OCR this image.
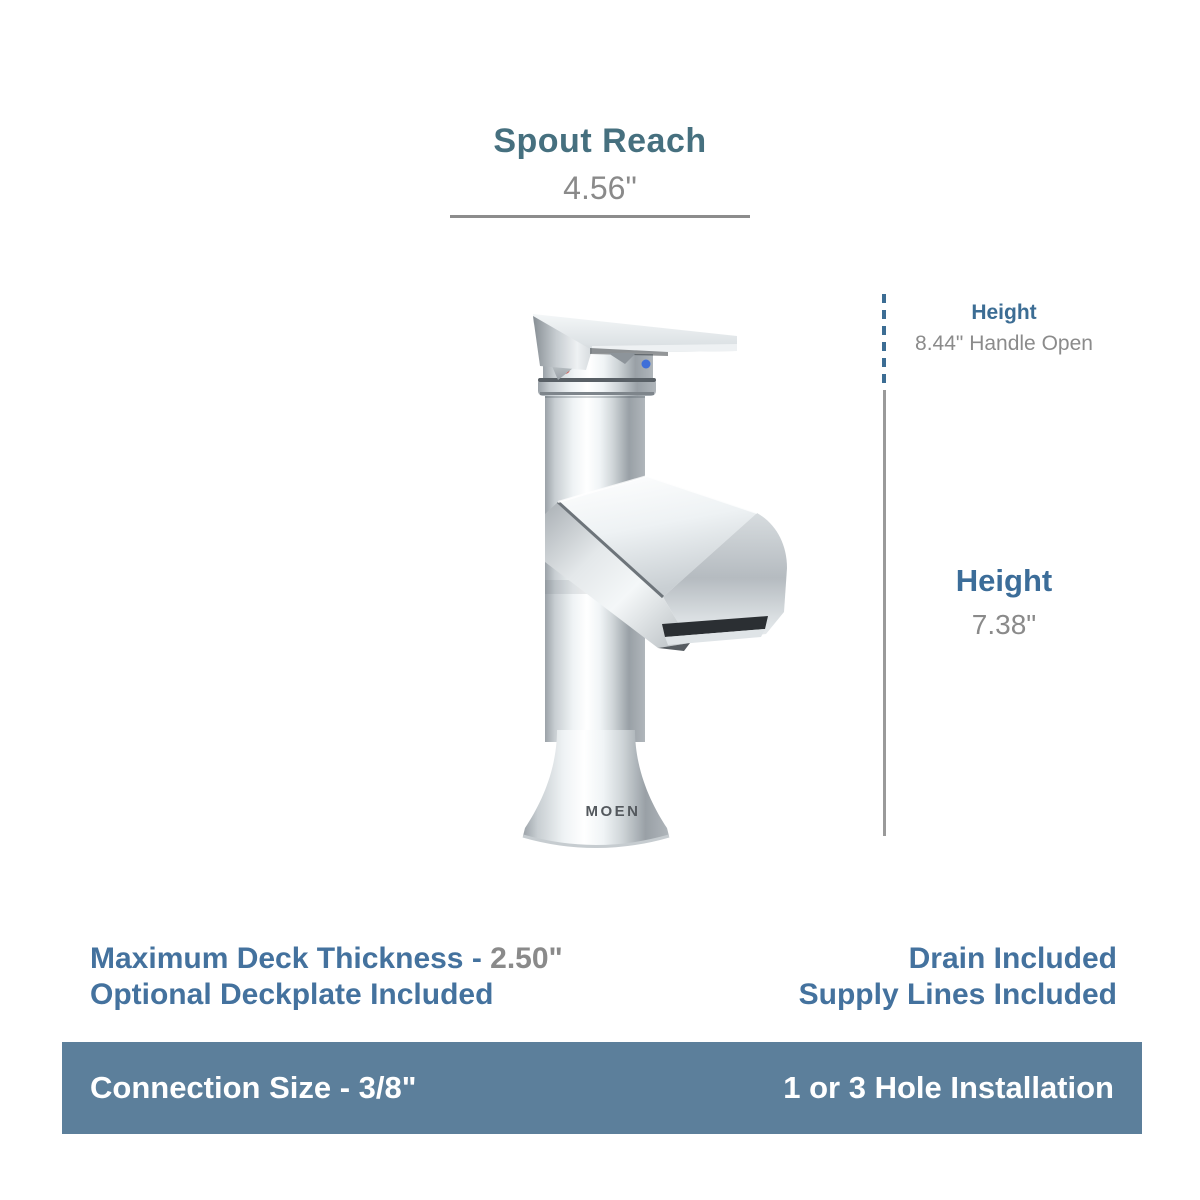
Spout Reach
4.56"
Height
8.44" Handle Open
Height
7.38"
MOEN
Maximum Deck Thickness - 2.50"
Optional Deckplate Included
Drain Included
Supply Lines Included
Connection Size - 3/8"	1 or 3 Hole Installation
